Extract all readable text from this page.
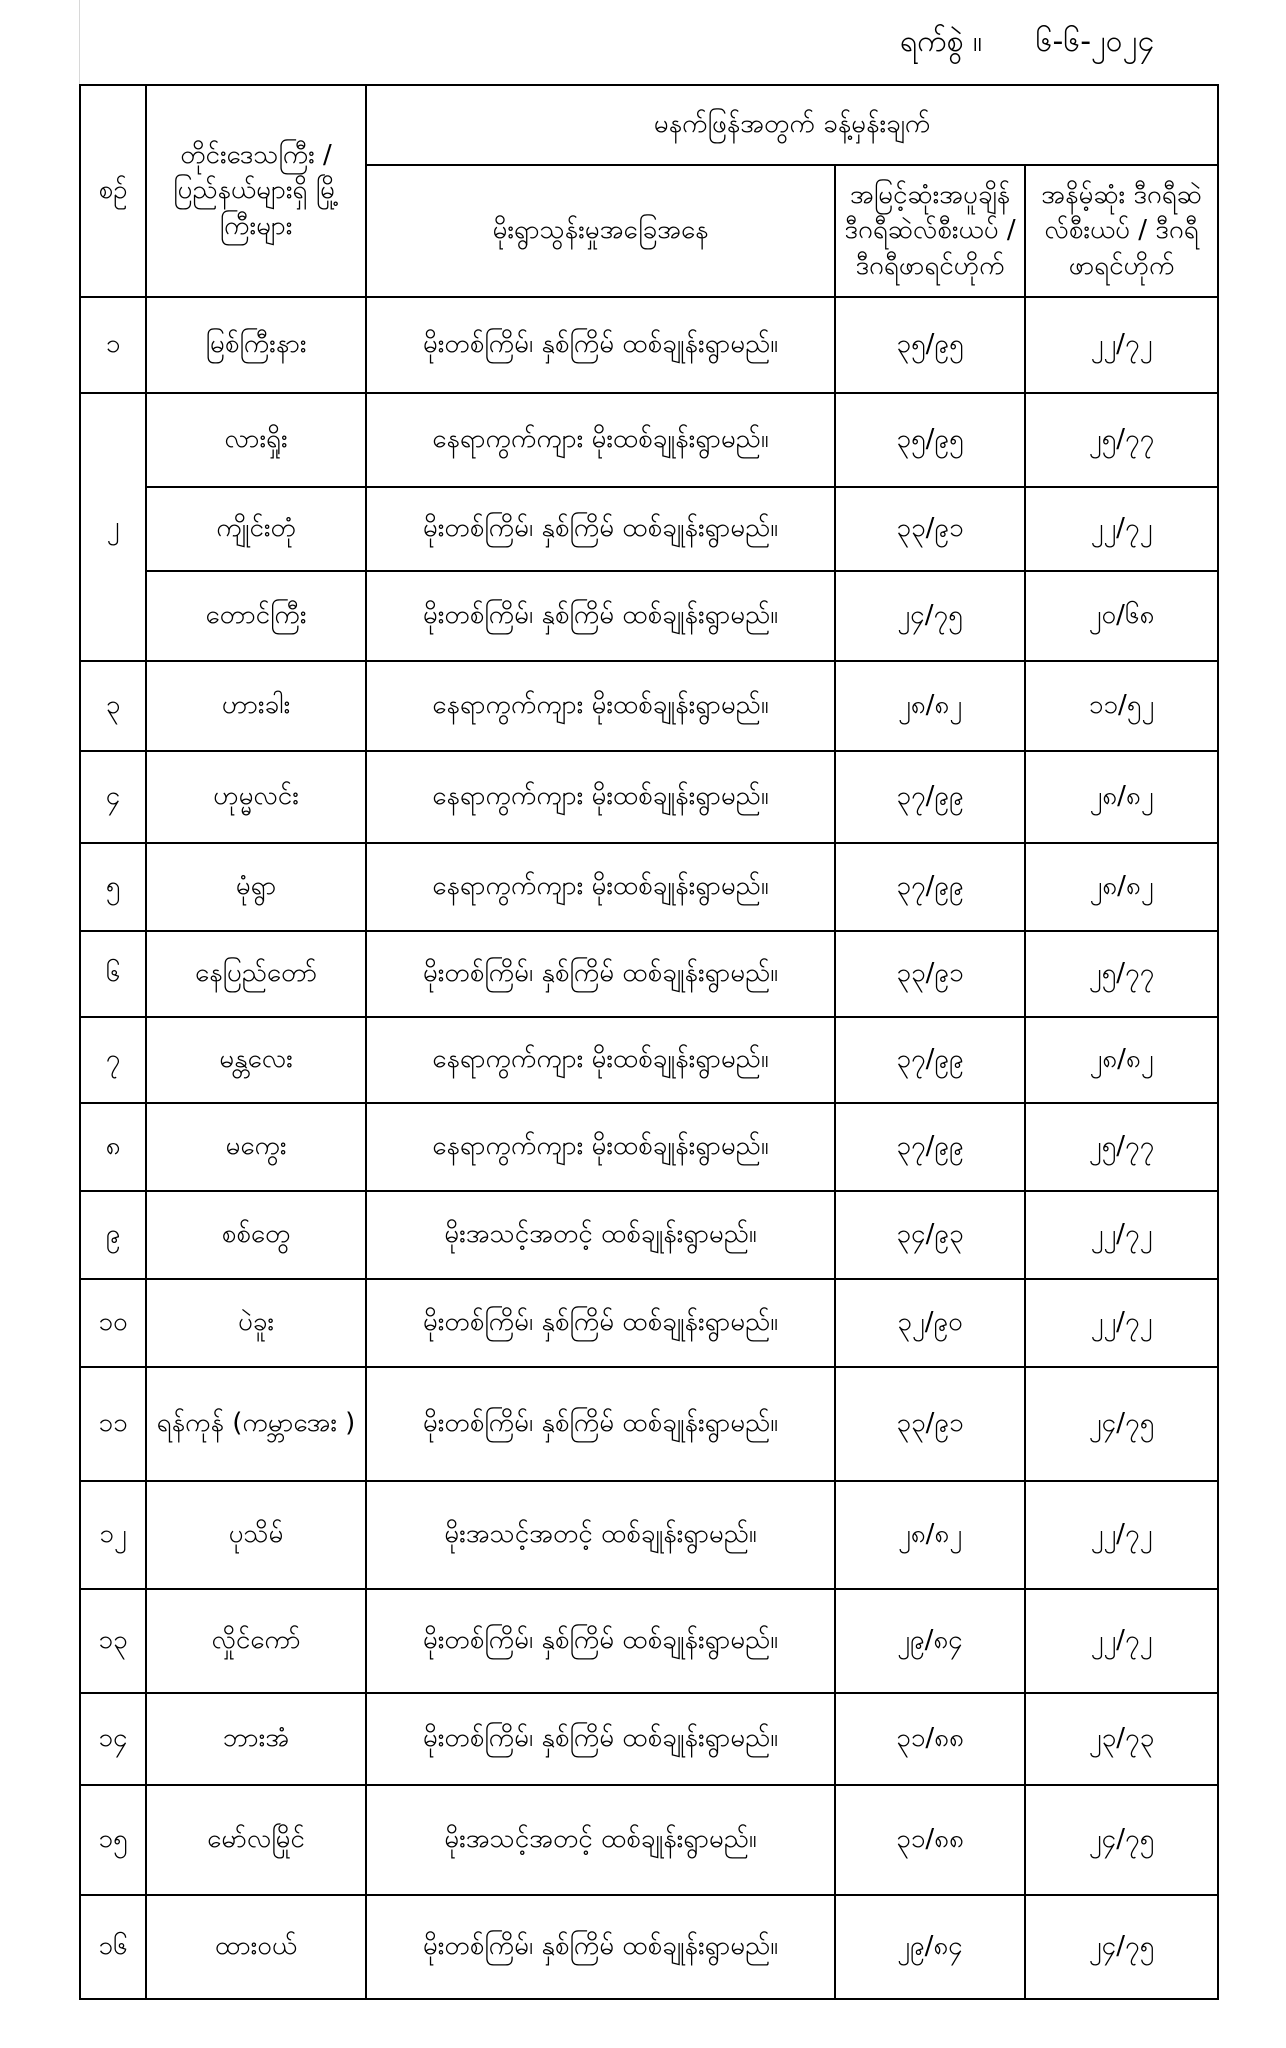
ရက်စွဲ ။ ၆-၆-၂၀၂၄
စဉ်	တိုင်းဒေသကြီး / ပြည်နယ်များရှိ မြို့ကြီးများ	မနက်ဖြန်အတွက် ခန့်မှန်းချက်		
		မိုးရွာသွန်းမှုအခြေအနေ	အမြင့်ဆုံးအပူချိန် ဒီဂရီဆဲလ်စီးယပ် /ဒီဂရီဖာရင်ဟိုက်	အနိမ့်ဆုံး ဒီဂရီဆဲလ်စီးယပ် / ဒီဂရီဖာရင်ဟိုက်
၁	မြစ်ကြီးနား	မိုးတစ်ကြိမ်၊ နှစ်ကြိမ် ထစ်ချုန်းရွာမည်။	၃၅/၉၅	၂၂/၇၂
၂	လားရှိုး	နေရာကွက်ကျား မိုးထစ်ချုန်းရွာမည်။	၃၅/၉၅	၂၅/၇၇
	ကျိုင်းတုံ	မိုးတစ်ကြိမ်၊ နှစ်ကြိမ် ထစ်ချုန်းရွာမည်။	၃၃/၉၁	၂၂/၇၂
	တောင်ကြီး	မိုးတစ်ကြိမ်၊ နှစ်ကြိမ် ထစ်ချုန်းရွာမည်။	၂၄/၇၅	၂၀/၆၈
၃	ဟားခါး	နေရာကွက်ကျား မိုးထစ်ချုန်းရွာမည်။	၂၈/၈၂	၁၁/၅၂
၄	ဟုမ္မလင်း	နေရာကွက်ကျား မိုးထစ်ချုန်းရွာမည်။	၃၇/၉၉	၂၈/၈၂
၅	မုံရွာ	နေရာကွက်ကျား မိုးထစ်ချုန်းရွာမည်။	၃၇/၉၉	၂၈/၈၂
၆	နေပြည်တော်	မိုးတစ်ကြိမ်၊ နှစ်ကြိမ် ထစ်ချုန်းရွာမည်။	၃၃/၉၁	၂၅/၇၇
၇	မန္တလေး	နေရာကွက်ကျား မိုးထစ်ချုန်းရွာမည်။	၃၇/၉၉	၂၈/၈၂
၈	မကွေး	နေရာကွက်ကျား မိုးထစ်ချုန်းရွာမည်။	၃၇/၉၉	၂၅/၇၇
၉	စစ်တွေ	မိုးအသင့်အတင့် ထစ်ချုန်းရွာမည်။	၃၄/၉၃	၂၂/၇၂
၁၀	ပဲခူး	မိုးတစ်ကြိမ်၊ နှစ်ကြိမ် ထစ်ချုန်းရွာမည်။	၃၂/၉၀	၂၂/၇၂
၁၁	ရန်ကုန် (ကမ္ဘာအေး )	မိုးတစ်ကြိမ်၊ နှစ်ကြိမ် ထစ်ချုန်းရွာမည်။	၃၃/၉၁	၂၄/၇၅
၁၂	ပုသိမ်	မိုးအသင့်အတင့် ထစ်ချုန်းရွာမည်။	၂၈/၈၂	၂၂/၇၂
၁၃	လှိုင်ကော်	မိုးတစ်ကြိမ်၊ နှစ်ကြိမ် ထစ်ချုန်းရွာမည်။	၂၉/၈၄	၂၂/၇၂
၁၄	ဘားအံ	မိုးတစ်ကြိမ်၊ နှစ်ကြိမ် ထစ်ချုန်းရွာမည်။	၃၁/၈၈	၂၃/၇၃
၁၅	မော်လမြိုင်	မိုးအသင့်အတင့် ထစ်ချုန်းရွာမည်။	၃၁/၈၈	၂၄/၇၅
၁၆	ထားဝယ်	မိုးတစ်ကြိမ်၊ နှစ်ကြိမ် ထစ်ချုန်းရွာမည်။	၂၉/၈၄	၂၄/၇၅
